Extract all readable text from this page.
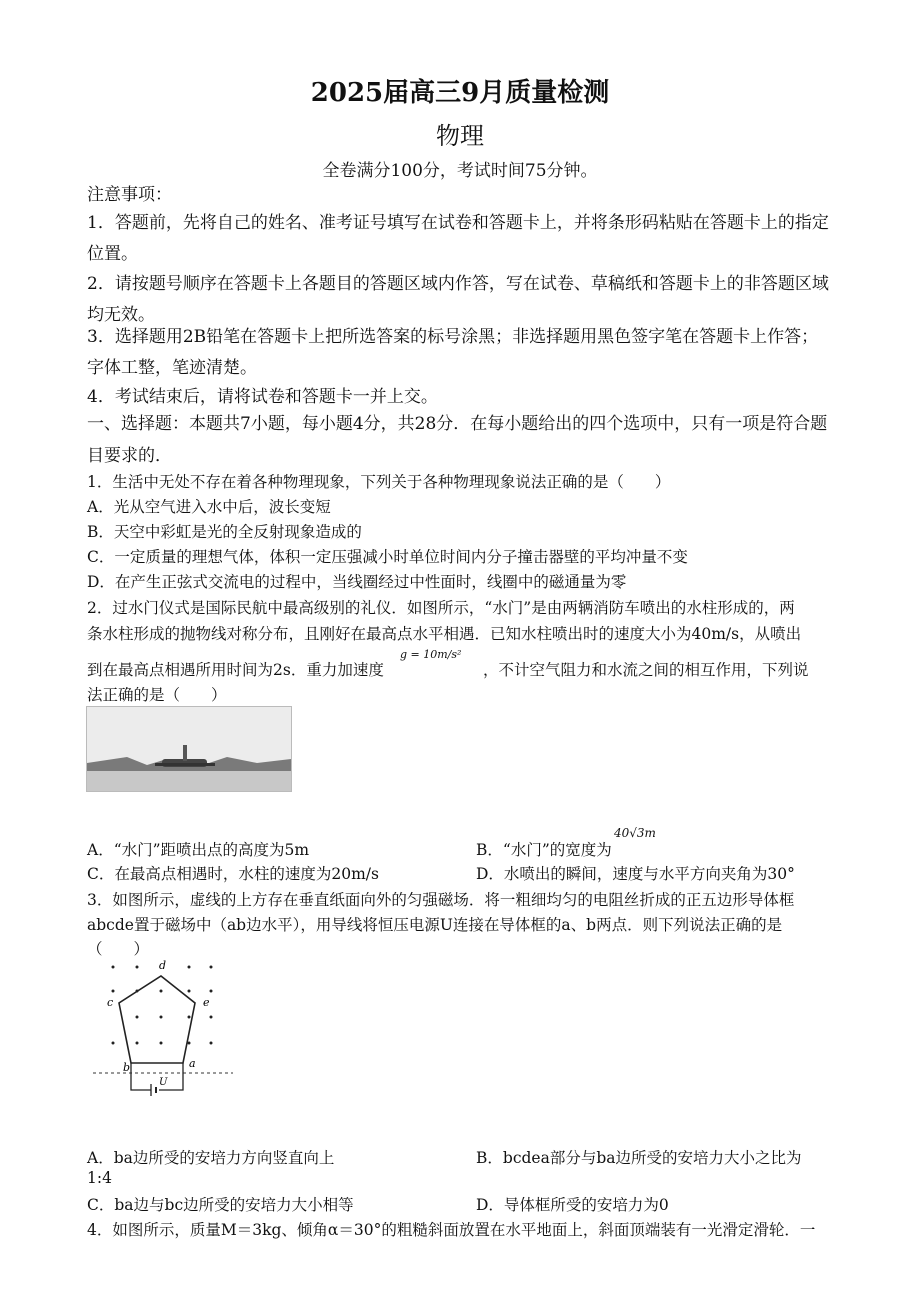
2025届高三9月质量检测
物理
全卷满分100分，考试时间75分钟。
注意事项：
1．答题前，先将自己的姓名、准考证号填写在试卷和答题卡上，并将条形码粘贴在答题卡上的指定位置。
2．请按题号顺序在答题卡上各题目的答题区域内作答，写在试卷、草稿纸和答题卡上的非答题区域均无效。
3．选择题用2B铅笔在答题卡上把所选答案的标号涂黑；非选择题用黑色签字笔在答题卡上作答；字体工整，笔迹清楚。
4．考试结束后，请将试卷和答题卡一并上交。
一、选择题：本题共7小题，每小题4分，共28分．在每小题给出的四个选项中，只有一项是符合题目要求的．
1．生活中无处不存在着各种物理现象，下列关于各种物理现象说法正确的是（　　）
A．光从空气进入水中后，波长变短
B．天空中彩虹是光的全反射现象造成的
C．一定质量的理想气体，体积一定压强减小时单位时间内分子撞击器壁的平均冲量不变
D．在产生正弦式交流电的过程中，当线圈经过中性面时，线圈中的磁通量为零
2．过水门仪式是国际民航中最高级别的礼仪．如图所示，“水门”是由两辆消防车喷出的水柱形成的，两
条水柱形成的抛物线对称分布，且刚好在最高点水平相遇．已知水柱喷出时的速度大小为40m/s，从喷出
到在最高点相遇所用时间为2s．重力加速度
g = 10m/s²
，不计空气阻力和水流之间的相互作用，下列说
法正确的是（　　）
A．“水门”距喷出点的高度为5m	B．“水门”的宽度为
40√3m
C．在最高点相遇时，水柱的速度为20m/s	D．水喷出的瞬间，速度与水平方向夹角为30°
3．如图所示，虚线的上方存在垂直纸面向外的匀强磁场．将一粗细均匀的电阻丝折成的正五边形导体框
abcde置于磁场中（ab边水平），用导线将恒压电源U连接在导体框的a、b两点．则下列说法正确的是
（　　）
d
c	e
b	a
U
A．ba边所受的安培力方向竖直向上	B．bcdea部分与ba边所受的安培力大小之比为
1:4
C．ba边与bc边所受的安培力大小相等	D．导体框所受的安培力为0
4．如图所示，质量M＝3kg、倾角α＝30°的粗糙斜面放置在水平地面上，斜面顶端装有一光滑定滑轮．一
